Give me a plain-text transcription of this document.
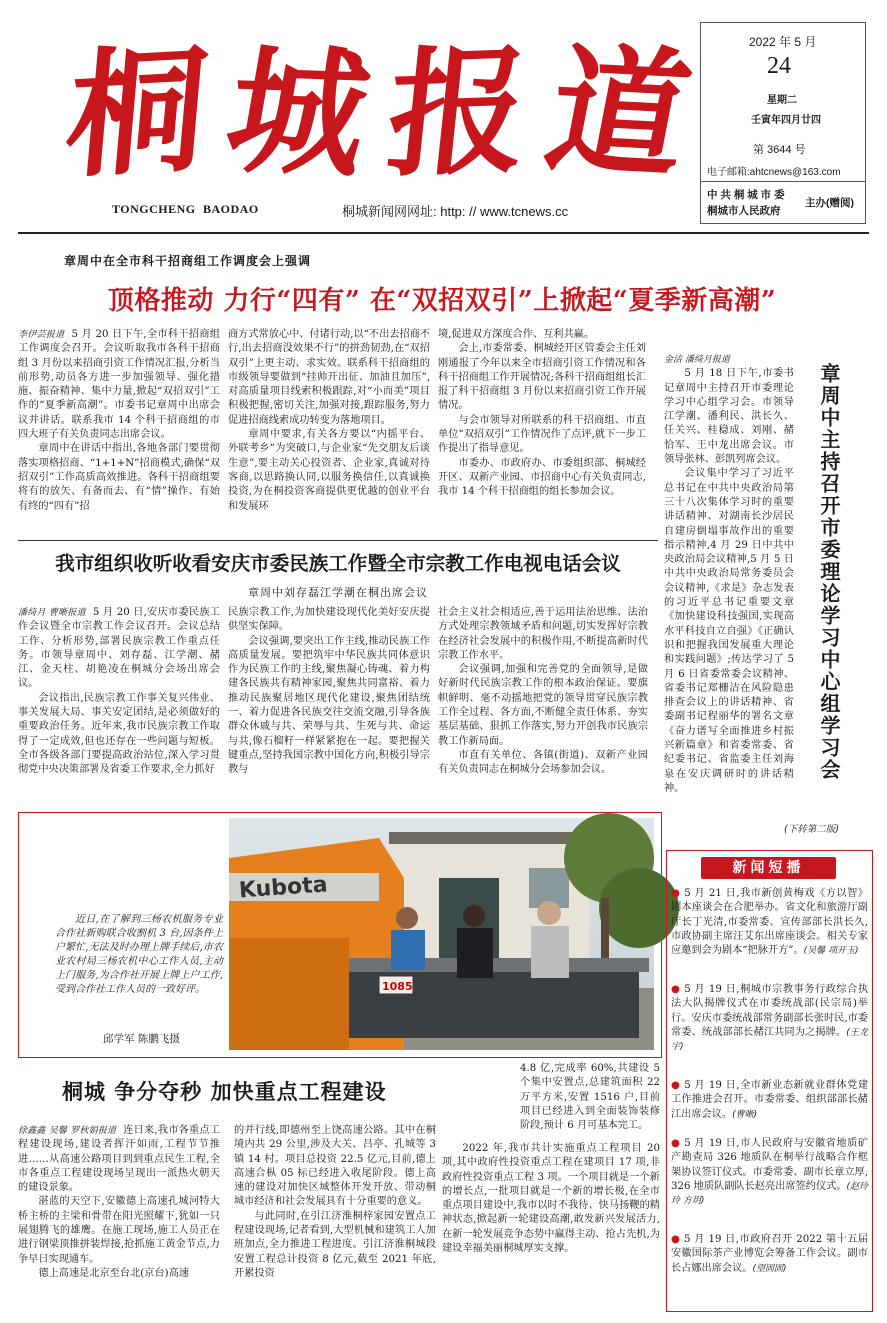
桐 城 报
道
TONGCHENG BAODAO	桐城新闻网网址: http: // www.tcnews.cc
2022 年 5 月
24
星期二
壬寅年四月廿四
第 3644 号
电子邮箱:ahtcnews@163.com
中 共 桐 城 市 委
桐城市人民政府
主办(赠阅)
章周中在全市科干招商组工作调度会上强调
顶格推动 力行“四有” 在“双招双引”上掀起“夏季新高潮”

李伊芸报道 5 月 20 日下午,全市科干招商组工作调度会召开。会议听取我市各科干招商组 3 月份以来招商引资工作情况汇报,分析当前形势,动员各方进一步加强领导、强化措施、振奋精神、集中力量,掀起“双招双引”工作的“夏季新高潮”。市委书记章周中出席会议并讲话。联系我市 14 个科干招商组的市四大班子有关负责同志出席会议。

章周中在讲话中指出,各地各部门要贯彻落实项格招商、“1+1+N”招商模式,确保“双招双引”工作高质高效推进。各科干招商组要将有的放矢、有备而去、有“情”操作、有始有终的“四有”招

商方式常放心中、付诸行动,以“不出去招商不行,出去招商没效果不行”的拼劲韧劲,在“双招双引”上更主动、求实效。联系科干招商组的市级领导要做到“挂帅开出征、加油且加压”,对高质量项目线索积极跟踪,对“小而美”项目积极把握,密切关注,加强对接,跟踪服务,努力促进招商线索成功转变为落地项目。

章周中要求,有关各方要以“内摇平台、外联考乡”为突破口,与企业家“先交朋友后谈生意”,要主动关心投资者、企业家,真诚对待客商,以思路换认同,以服务换信任,以真诚换投资,为在桐投资客商提供更优越的创业平台和发展环

境,促进双方深度合作、互利共赢。

会上,市委常委、桐城经开区管委会主任刘刚通报了今年以来全市招商引资工作情况和各科干招商组工作开展情况;各科干招商组组长汇报了科干招商组 3 月份以来招商引资工作开展情况。

与会市领导对所联系的科干招商组、市直单位“双招双引”工作情况作了点评,就下一步工作提出了指导意见。

市委办、市政府办、市委组织部、桐城经开区、双新产业园、市招商中心有关负责同志,我市 14 个科干招商组的组长参加会议。	章周中主持召开市委理论学习中心组学习会

金洁 潘绮月报道

5 月 18 日下午,市委书记章周中主持召开市委理论学习中心组学习会。市领导江学潮、潘利民、洪长久、任关兴、桂稳成、刘刚、赭恰军、王中龙出席会议。市领导张林、彭凯列席会议。

会议集中学习了习近平总书记在中共中央政治局第三十八次集体学习时的重要讲话精神、对湖南长沙居民自建房倒塌事故作出的重要指示精神,4 月 29 日中共中央政治局会议精神,5 月 5 日中共中央政治局常务委员会会议精神,《求是》杂志发表的习近平总书记重要文章《加快建设科技强国,实现高水平科技自立自强》《正确认识和把握我国发展重大理论和实践问题》;传达学习了 5 月 6 日省委常委会议精神、省委书记郑栅洁在风险隐患排查会议上的讲话精神、省委副书记程丽华的署名文章《奋力谱写全面推进乡村振兴新篇章》和省委常委、省纪委书记、省监委主任刘海泉在安庆调研时的讲话精神。

(下转第二版)
我市组织收听收看安庆市委民族工作暨全市宗教工作电视电话会议
章周中刘存磊江学潮在桐出席会议

潘绮月 曹晰报道 5 月 20 日,安庆市委民族工作会议暨全市宗教工作会议召开。会议总结工作、分析形势,部署民族宗教工作重点任务。市领导章周中、刘存磊、江学潮、赭江、金天柱、胡艳凌在桐城分会场出席会议。

会议指出,民族宗教工作事关复兴伟业、事关发展大局、事关安定团结,是必须做好的重要政治任务。近年来,我市民族宗教工作取得了一定成效,但也还存在一些问题与短板。全市各级各部门要提高政治站位,深入学习贯彻党中央决策部署及省委工作要求,全力抓好

民族宗教工作,为加快建设现代化美好安庆提供坚实保障。

会议强调,要突出工作主线,推动民族工作高质量发展。要把筑牢中华民族共同体意识作为民族工作的主线,聚焦凝心铸魂、着力构建各民族共有精神家园,聚焦共同富裕、着力推动民族聚居地区现代化建设,聚焦团结统一、着力促进各民族交往交流交融,引导各族群众休戚与共、荣辱与共、生死与共、命运与共,像石榴籽一样紧紧抱在一起。要把握关键重点,坚持我国宗教中国化方向,积极引导宗教与

社会主义社会相适应,善于运用法治思维、法治方式处理宗教领域矛盾和问题,切实发挥好宗教在经济社会发展中的积极作用,不断提高新时代宗教工作水平。

会议强调,加强和完善党的全面领导,是做好新时代民族宗教工作的根本政治保证。要旗帜鲜明、毫不动摇地把党的领导贯穿民族宗教工作全过程、各方面,不断健全责任体系、夯实基层基础、狠抓工作落实,努力开创我市民族宗教工作新局面。

市直有关单位、各镇(街道)、双新产业园有关负责同志在桐城分会场参加会议。

近日,在了解到三杨农机服务专业合作社新购联合收割机 3 台,因条件上户繁忙,无法及时办理上牌手续后,市农业农村局三杨农机中心工作人员,主动上门服务,为合作社开展上牌上户工作,受到合作社工作人员的一致好评。

邱学军 陈鹏飞摄
Kubota
1085
新闻短播

● 5 月 21 日,我市新创黄梅戏《方以智》剧本座谈会在合肥举办。省文化和旅游厅副厅长丁光清,市委常委、宣传部部长洪长久,市政协副主席汪艾东出席座谈会。相关专家应邀到会为剧本“把脉开方”。(吴馨 项开玉)

● 5 月 19 日,桐城市宗教事务行政综合执法大队揭牌仪式在市委统战部(民宗局)举行。安庆市委统战部常务副部长张时民,市委常委、统战部部长赭江共同为之揭牌。(王龙宇)

● 5 月 19 日,全市新业态新就业群体党建工作推进会召开。市委常委、组织部部长赭江出席会议。(曹晰)

● 5 月 19 日,市人民政府与安徽省地质矿产勘查局 326 地质队在桐举行战略合作框架协议签订仪式。市委常委、副市长章立厚,326 地质队副队长赵亮出席签约仪式。(赵玲玲 方玥)

● 5 月 19 日,市政府召开 2022 第十五届安徽国际茶产业博览会筹备工作会议。副市长占娜出席会议。(望固固)

桐城 争分夺秒 加快重点工程建设

4.8 亿,完成率 60%,共建设 5 个集中安置点,总建筑面积 22 万平方米,安置 1516 户,目前项目已经进入到全面装饰装修阶段,预计 6 月可基本完工。

徐鑫鑫 吴馨 罗秋娟报道 连日来,我市各重点工程建设现场,建设者挥汗如雨,工程节节推进……从高速公路项目到到重点民生工程,全市各重点工程建设现场呈现出一派热火朝天的建设景象。

湛蓝的天空下,安徽德上高速孔城河特大桥主桥的主梁和骨带在阳光照耀下,犹如一只展翅腾飞的雄鹰。在施工现场,施工人员正在进行钢梁顶推拼装焊接,抢抓施工黄金节点,力争早日实现通车。

德上高速是北京至台北(京台)高速

的并行线,即德州至上饶高速公路。其中在桐境内共 29 公里,涉及大关、吕亭、孔城等 3 镇 14 村。项目总投资 22.5 亿元,目前,德上高速合枞 05 标已经进入收尾阶段。德上高速的建设对加快区域整体开发开放、带动桐城市经济和社会发展具有十分重要的意义。

与此同时,在引江济淮桐梓家园安置点工程建设现场,记者看到,大型机械和建筑工人加班加点,全力推进工程进度。引江济淮桐城段安置工程总计投资 8 亿元,截至 2021 年底,开累投资

2022 年,我市共计实施重点工程项目 20 项,其中政府性投资重点工程在建项目 17 项,非政府性投资重点工程 3 项。一个项目就是一个新的增长点,一批项目就是一个新的增长极,在全市重点项目建设中,我市以时不我待、快马扬鞭的精神状态,掀起新一轮建设高潮,敢发新兴发展活力,在新一轮发展竞争态势中赢得主动、抢占先机,为建设幸福美丽桐城厚实支撑。
